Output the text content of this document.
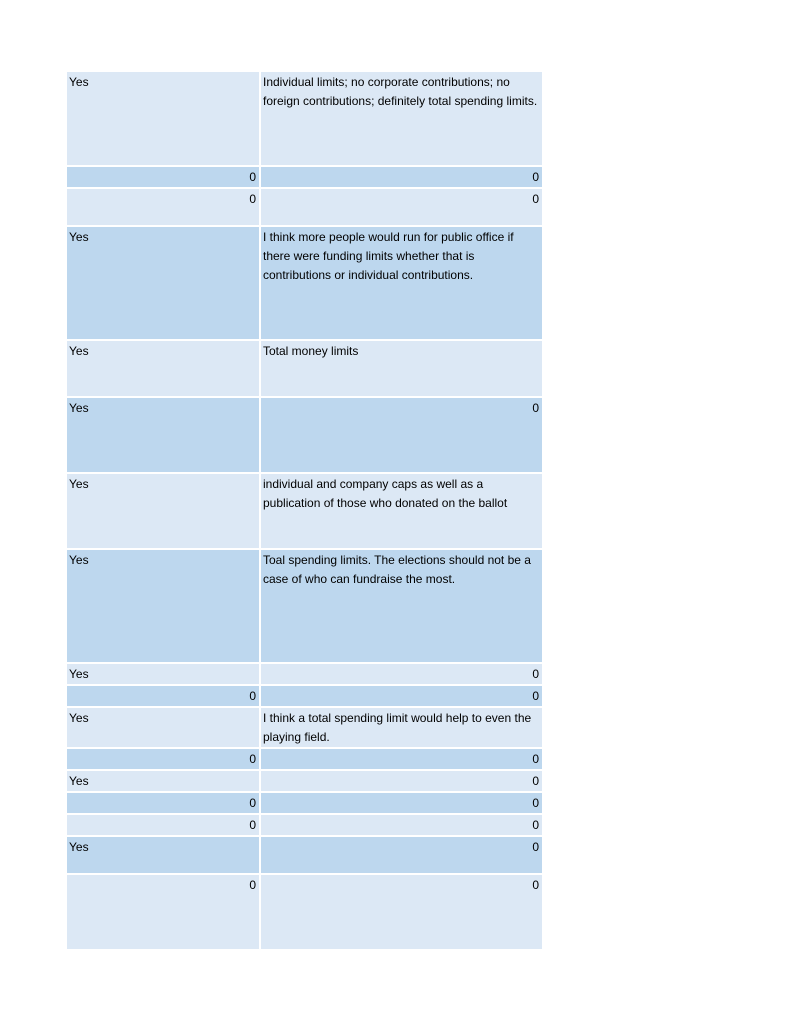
Yes	Individual limits; no corporate contributions; no foreign contributions; definitely total spending limits.
0	0
0	0
Yes	I think more people would run for public office if there were funding limits whether that is contributions or individual contributions.
Yes	Total money limits
Yes	0
Yes	individual and company caps as well as a publication of those who donated on the ballot
Yes	Toal spending limits. The elections should not be a case of who can fundraise the most.
Yes	0
0	0
Yes	I think a total spending limit would help to even the playing field.
0	0
Yes	0
0	0
0	0
Yes	0
0	0
